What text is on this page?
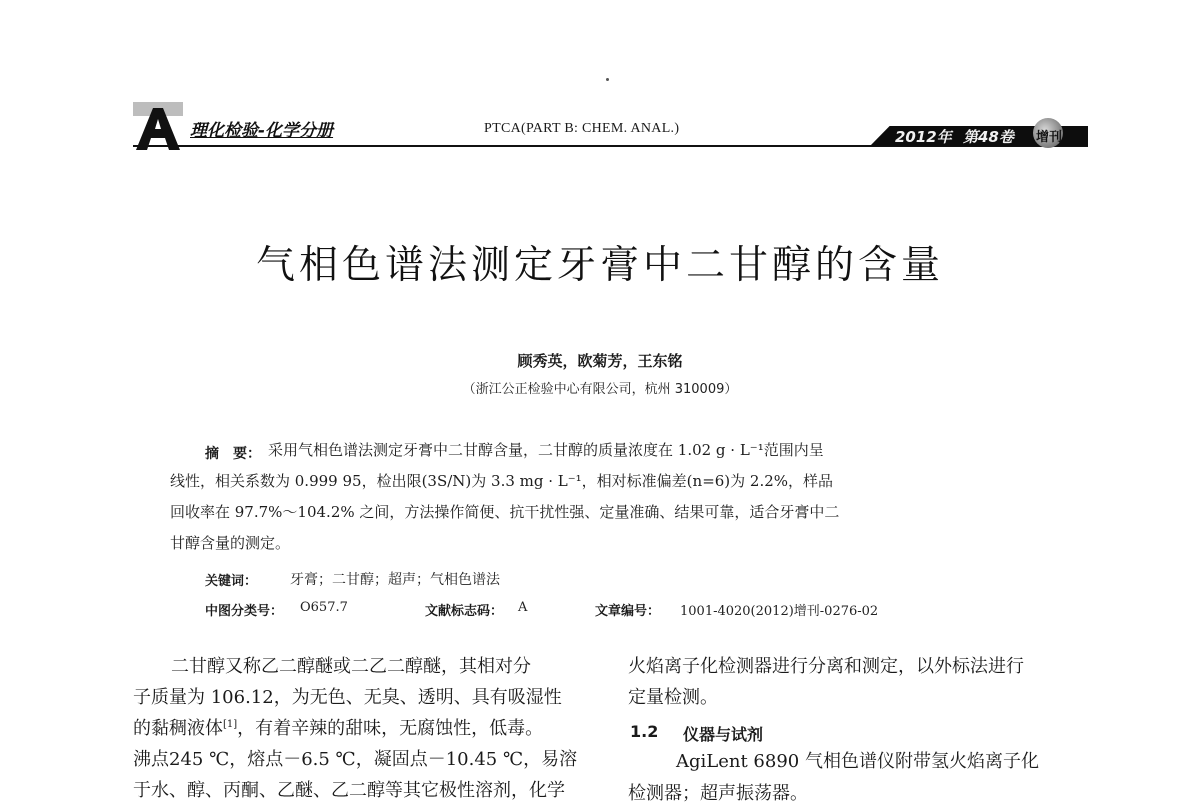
理化检验-化学分册	PTCA(PART B: CHEM. ANAL.)	2012年 第48卷 增刊
气相色谱法测定牙膏中二甘醇的含量
顾秀英，欧菊芳，王东铭
（浙江公正检验中心有限公司，杭州 310009）
摘　要： 采用气相色谱法测定牙膏中二甘醇含量，二甘醇的质量浓度在 1.02 g · L⁻¹范围内呈
线性，相关系数为 0.999 95，检出限(3S/N)为 3.3 mg · L⁻¹，相对标准偏差(n=6)为 2.2%，样品
回收率在 97.7%～104.2% 之间，方法操作简便、抗干扰性强、定量准确、结果可靠，适合牙膏中二
甘醇含量的测定。
关键词： 牙膏；二甘醇；超声；气相色谱法
中图分类号： O657.7	文献标志码： A	文章编号： 1001-4020(2012)增刊-0276-02
二甘醇又称乙二醇醚或二乙二醇醚，其相对分
子质量为 106.12，为无色、无臭、透明、具有吸湿性
的黏稠液体[1]，有着辛辣的甜味，无腐蚀性，低毒。
沸点245 ℃，熔点－6.5 ℃，凝固点－10.45 ℃，易溶
于水、醇、丙酮、乙醚、乙二醇等其它极性溶剂，化学
火焰离子化检测器进行分离和测定，以外标法进行
定量检测。
1.2 仪器与试剂
AgiLent 6890 气相色谱仪附带氢火焰离子化
检测器；超声振荡器。
